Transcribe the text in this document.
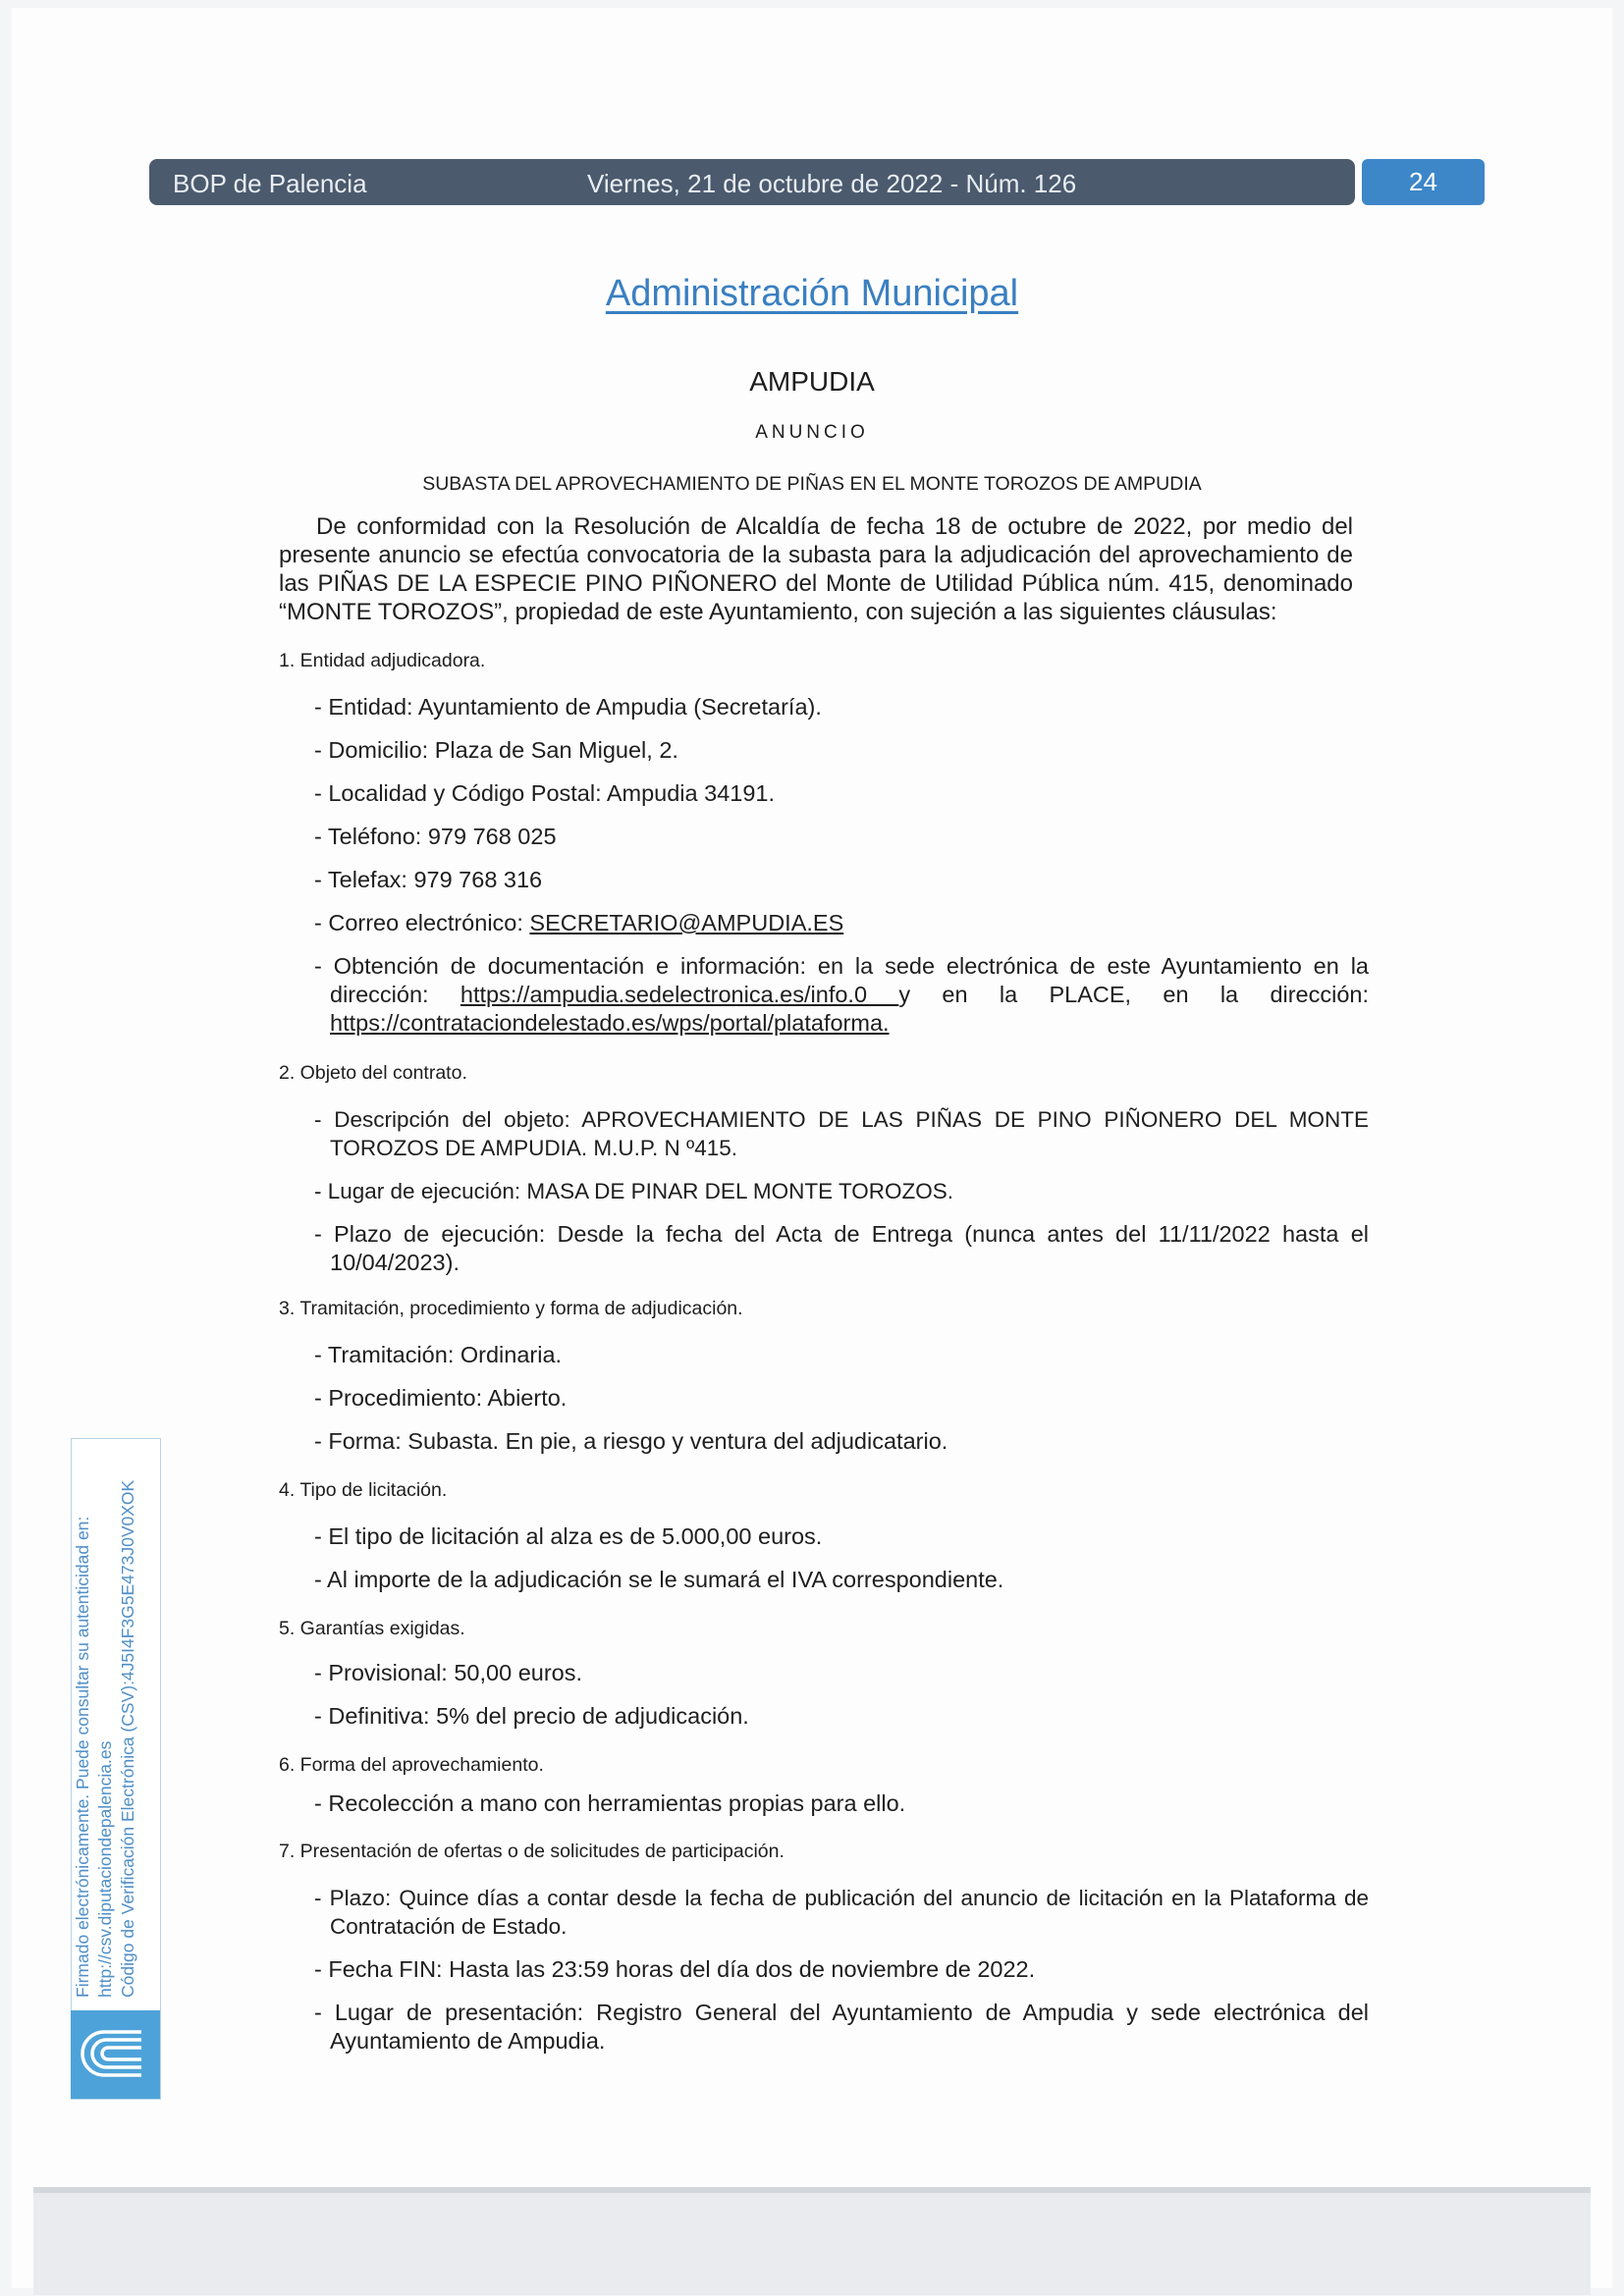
BOP de Palencia	Viernes, 21 de octubre de 2022 - Núm. 126	24
Administración Municipal
AMPUDIA
ANUNCIO
SUBASTA DEL APROVECHAMIENTO DE PIÑAS EN EL MONTE TOROZOS DE AMPUDIA

De conformidad con la Resolución de Alcaldía de fecha 18 de octubre de 2022, por medio del presente anuncio se efectúa convocatoria de la subasta para la adjudicación del aprovechamiento de las PIÑAS DE LA ESPECIE PINO PIÑONERO del Monte de Utilidad Pública núm. 415, denominado “MONTE TOROZOS”, propiedad de este Ayuntamiento, con sujeción a las siguientes cláusulas:

1. Entidad adjudicadora.
- Entidad: Ayuntamiento de Ampudia (Secretaría).
- Domicilio: Plaza de San Miguel, 2.
- Localidad y Código Postal: Ampudia 34191.
- Teléfono: 979 768 025
- Telefax: 979 768 316
- Correo electrónico: SECRETARIO@AMPUDIA.ES
- Obtención de documentación e información: en la sede electrónica de este Ayuntamiento en la dirección: https://ampudia.sedelectronica.es/info.0 y en la PLACE, en la dirección: https://contrataciondelestado.es/wps/portal/plataforma.
2. Objeto del contrato.
- Descripción del objeto: APROVECHAMIENTO DE LAS PIÑAS DE PINO PIÑONERO DEL MONTE TOROZOS DE AMPUDIA. M.U.P. N º415.
- Lugar de ejecución: MASA DE PINAR DEL MONTE TOROZOS.
- Plazo de ejecución: Desde la fecha del Acta de Entrega (nunca antes del 11/11/2022 hasta el 10/04/2023).
3. Tramitación, procedimiento y forma de adjudicación.
- Tramitación: Ordinaria.
- Procedimiento: Abierto.
- Forma: Subasta. En pie, a riesgo y ventura del adjudicatario.
4. Tipo de licitación.
- El tipo de licitación al alza es de 5.000,00 euros.
- Al importe de la adjudicación se le sumará el IVA correspondiente.
5. Garantías exigidas.
- Provisional: 50,00 euros.
- Definitiva: 5% del precio de adjudicación.
6. Forma del aprovechamiento.
- Recolección a mano con herramientas propias para ello.
7. Presentación de ofertas o de solicitudes de participación.
- Plazo: Quince días a contar desde la fecha de publicación del anuncio de licitación en la Plataforma de Contratación de Estado.
- Fecha FIN: Hasta las 23:59 horas del día dos de noviembre de 2022.
- Lugar de presentación: Registro General del Ayuntamiento de Ampudia y sede electrónica del Ayuntamiento de Ampudia.
Firmado electrónicamente. Puede consultar su autenticidad en: http://csv.diputaciondepalencia.es Código de Verificación Electrónica (CSV):4J5I4F3G5E473J0V0XOK
